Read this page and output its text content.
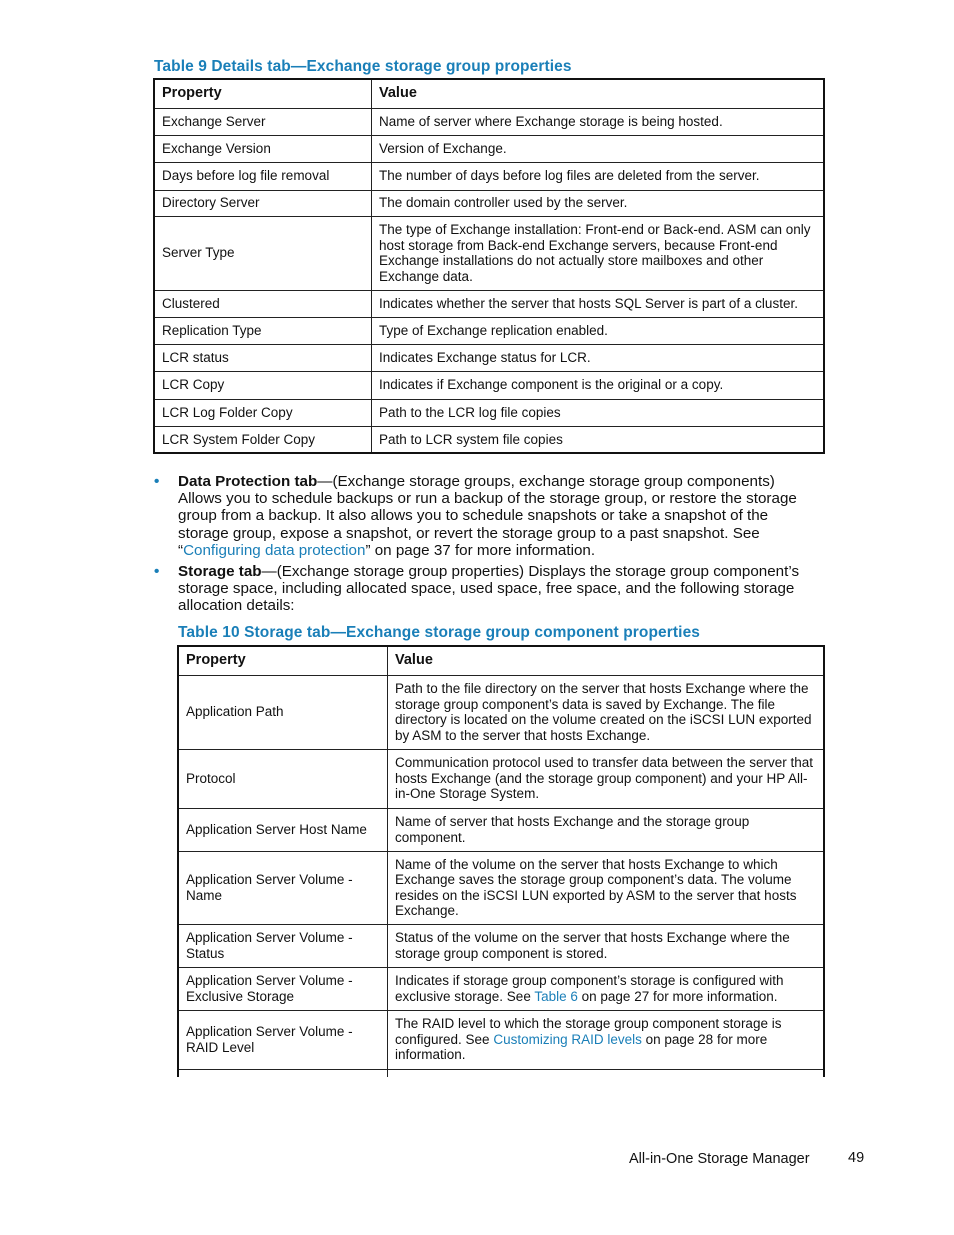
Table 9 Details tab—Exchange storage group properties
Property	Value
Exchange Server	Name of server where Exchange storage is being hosted.
Exchange Version	Version of Exchange.
Days before log file removal	The number of days before log files are deleted from the server.
Directory Server	The domain controller used by the server.
Server Type	The type of Exchange installation: Front-end or Back-end. ASM can only host storage from Back-end Exchange servers, because Front-end Exchange installations do not actually store mailboxes and other Exchange data.
Clustered	Indicates whether the server that hosts SQL Server is part of a cluster.
Replication Type	Type of Exchange replication enabled.
LCR status	Indicates Exchange status for LCR.
LCR Copy	Indicates if Exchange component is the original or a copy.
LCR Log Folder Copy	Path to the LCR log file copies
LCR System Folder Copy	Path to LCR system file copies
• Data Protection tab—(Exchange storage groups, exchange storage group components) Allows you to schedule backups or run a backup of the storage group, or restore the storage group from a backup. It also allows you to schedule snapshots or take a snapshot of the storage group, expose a snapshot, or revert the storage group to a past snapshot. See “Configuring data protection” on page 37 for more information.
• Storage tab—(Exchange storage group properties) Displays the storage group component’s storage space, including allocated space, used space, free space, and the following storage allocation details:
Table 10 Storage tab—Exchange storage group component properties
Property	Value
Application Path	Path to the file directory on the server that hosts Exchange where the storage group component’s data is saved by Exchange. The file directory is located on the volume created on the iSCSI LUN exported by ASM to the server that hosts Exchange.
Protocol	Communication protocol used to transfer data between the server that hosts Exchange (and the storage group component) and your HP All-in-One Storage System.
Application Server Host Name	Name of server that hosts Exchange and the storage group component.
Application Server Volume - Name	Name of the volume on the server that hosts Exchange to which Exchange saves the storage group component’s data. The volume resides on the iSCSI LUN exported by ASM to the server that hosts Exchange.
Application Server Volume - Status	Status of the volume on the server that hosts Exchange where the storage group component is stored.
Application Server Volume - Exclusive Storage	Indicates if storage group component’s storage is configured with exclusive storage. See Table 6 on page 27 for more information.
Application Server Volume - RAID Level	The RAID level to which the storage group component storage is configured. See Customizing RAID levels on page 28 for more information.

All-in-One Storage Manager	49
